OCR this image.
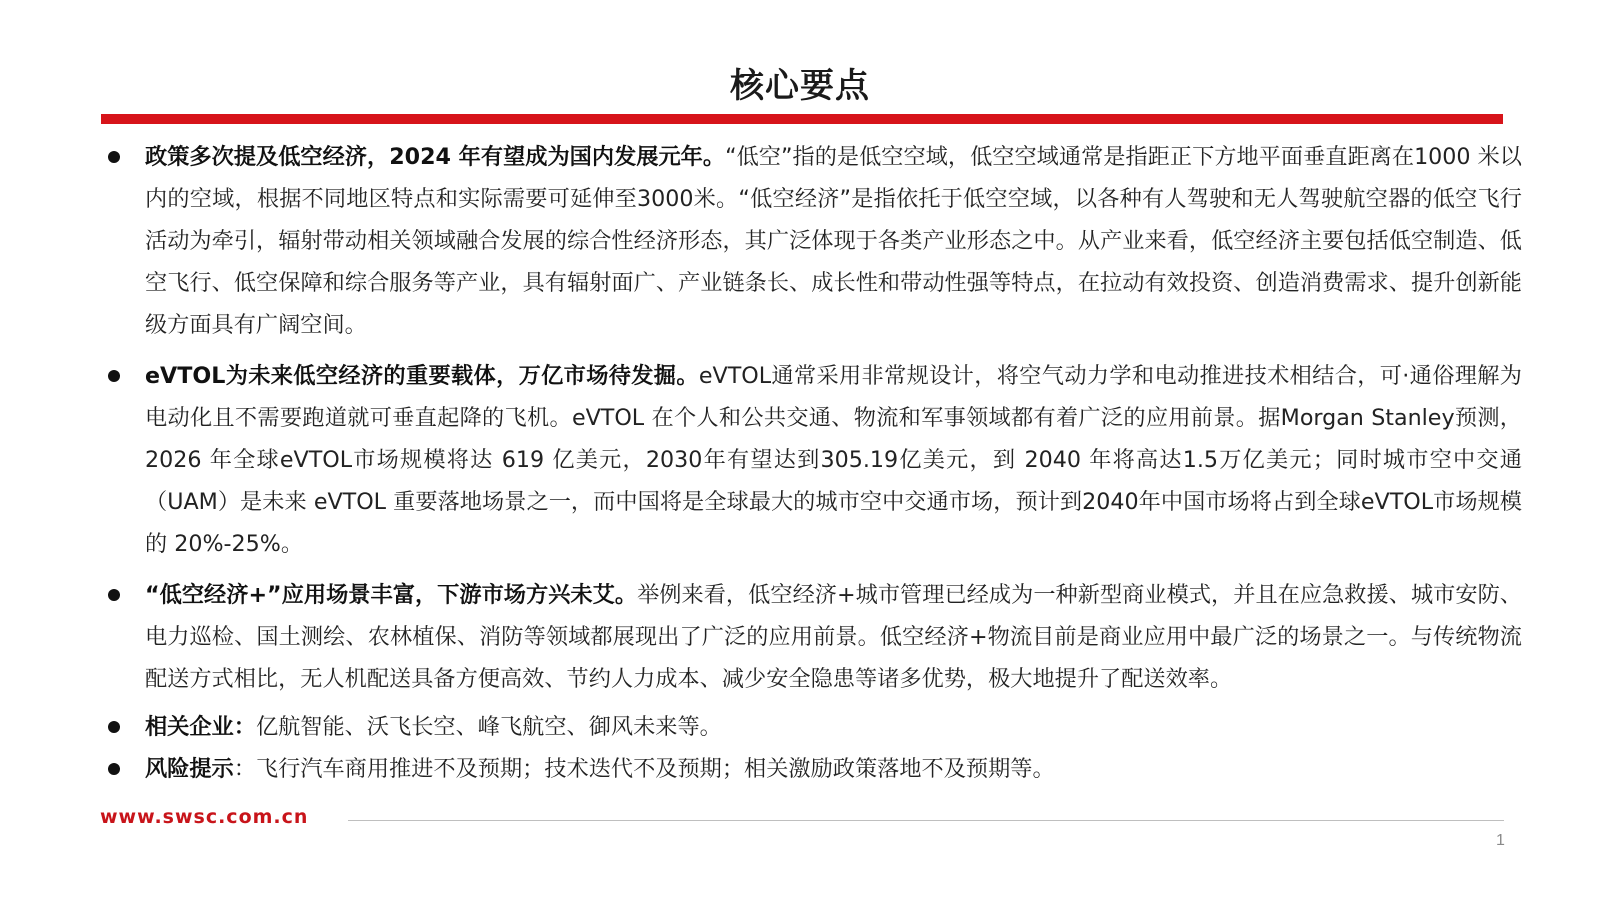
核心要点
政策多次提及低空经济，2024 年有望成为国内发展元年。“低空”指的是低空空域，低空空域通常是指距正下方地平面垂直距离在1000 米以内的空域，根据不同地区特点和实际需要可延伸至3000米。“低空经济”是指依托于低空空域，以各种有人驾驶和无人驾驶航空器的低空飞行活动为牵引，辐射带动相关领域融合发展的综合性经济形态，其广泛体现于各类产业形态之中。从产业来看，低空经济主要包括低空制造、低空飞行、低空保障和综合服务等产业，具有辐射面广、产业链条长、成长性和带动性强等特点，在拉动有效投资、创造消费需求、提升创新能级方面具有广阔空间。
eVTOL为未来低空经济的重要载体，万亿市场待发掘。eVTOL通常采用非常规设计，将空气动力学和电动推进技术相结合，可·通俗理解为电动化且不需要跑道就可垂直起降的飞机。eVTOL 在个人和公共交通、物流和军事领域都有着广泛的应用前景。据Morgan Stanley预测，2026 年全球eVTOL市场规模将达 619 亿美元，2030年有望达到305.19亿美元，到 2040 年将高达1.5万亿美元；同时城市空中交通（UAM）是未来 eVTOL 重要落地场景之一，而中国将是全球最大的城市空中交通市场，预计到2040年中国市场将占到全球eVTOL市场规模的 20%-25%。
“低空经济+”应用场景丰富，下游市场方兴未艾。举例来看，低空经济+城市管理已经成为一种新型商业模式，并且在应急救援、城市安防、电力巡检、国土测绘、农林植保、消防等领域都展现出了广泛的应用前景。低空经济+物流目前是商业应用中最广泛的场景之一。与传统物流配送方式相比，无人机配送具备方便高效、节约人力成本、减少安全隐患等诸多优势，极大地提升了配送效率。
相关企业：亿航智能、沃飞长空、峰飞航空、御风未来等。
风险提示：飞行汽车商用推进不及预期；技术迭代不及预期；相关激励政策落地不及预期等。
www.swsc.com.cn
1
